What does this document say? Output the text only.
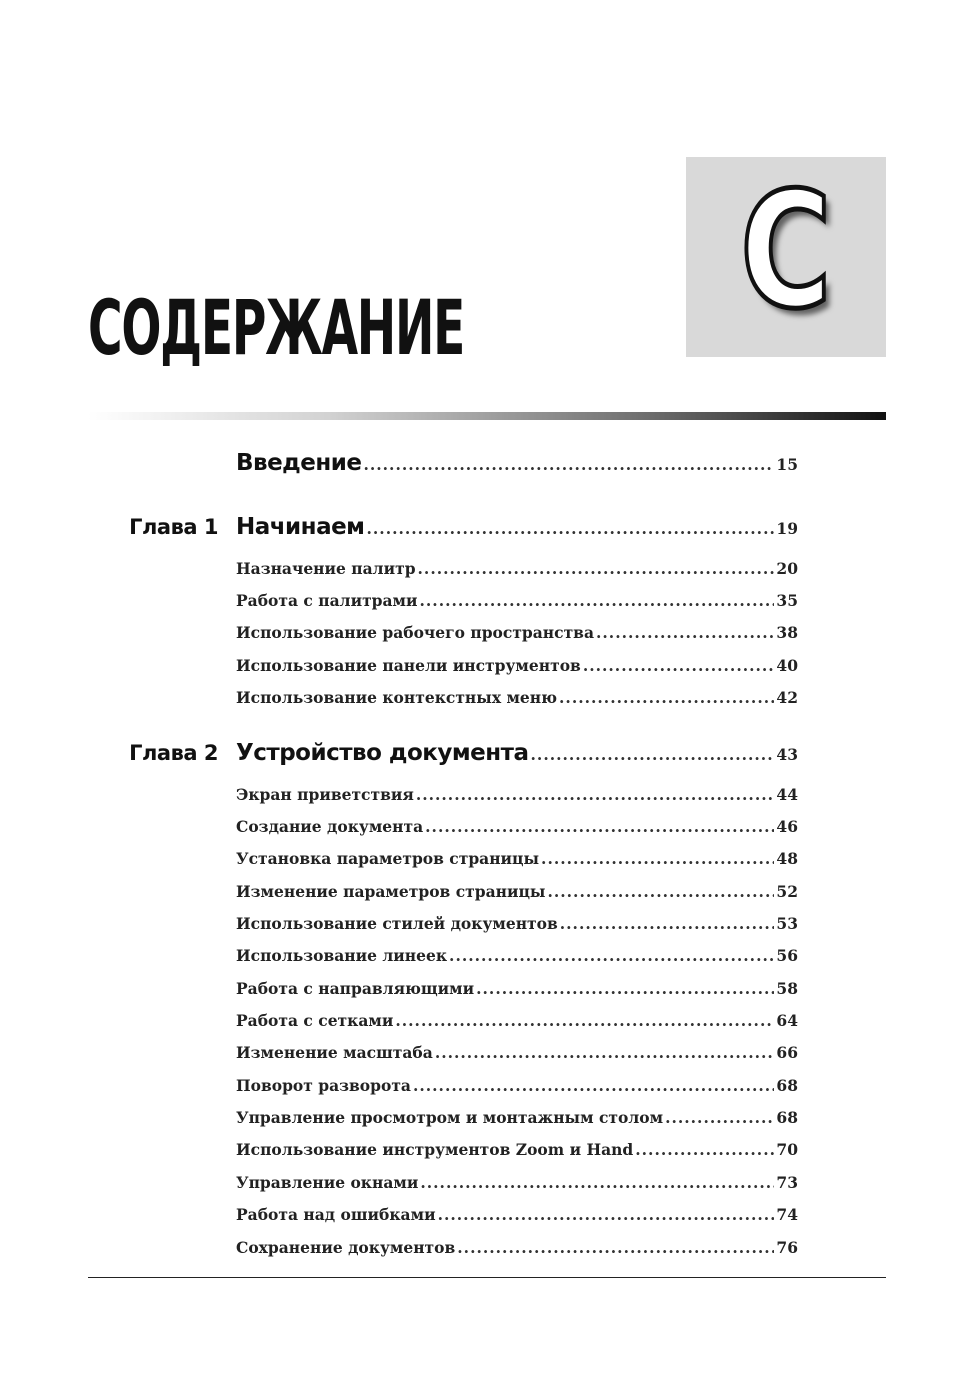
СОДЕРЖАНИЕ C
Введение .....	15
Глава 1 Начинаем .....	19
Назначение палитр .....	20
Работа с палитрами .....	35
Использование рабочего пространства .....	38
Использование панели инструментов .....	40
Использование контекстных меню .....	42
Глава 2 Устройство документа .....	43
Экран приветствия .....	44
Создание документа .....	46
Установка параметров страницы .....	48
Изменение параметров страницы .....	52
Использование стилей документов .....	53
Использование линеек .....	56
Работа с направляющими .....	58
Работа с сетками .....	64
Изменение масштаба .....	66
Поворот разворота .....	68
Управление просмотром и монтажным столом .....	68
Использование инструментов Zoom и Hand .....	70
Управление окнами .....	73
Работа над ошибками .....	74
Сохранение документов .....	76
